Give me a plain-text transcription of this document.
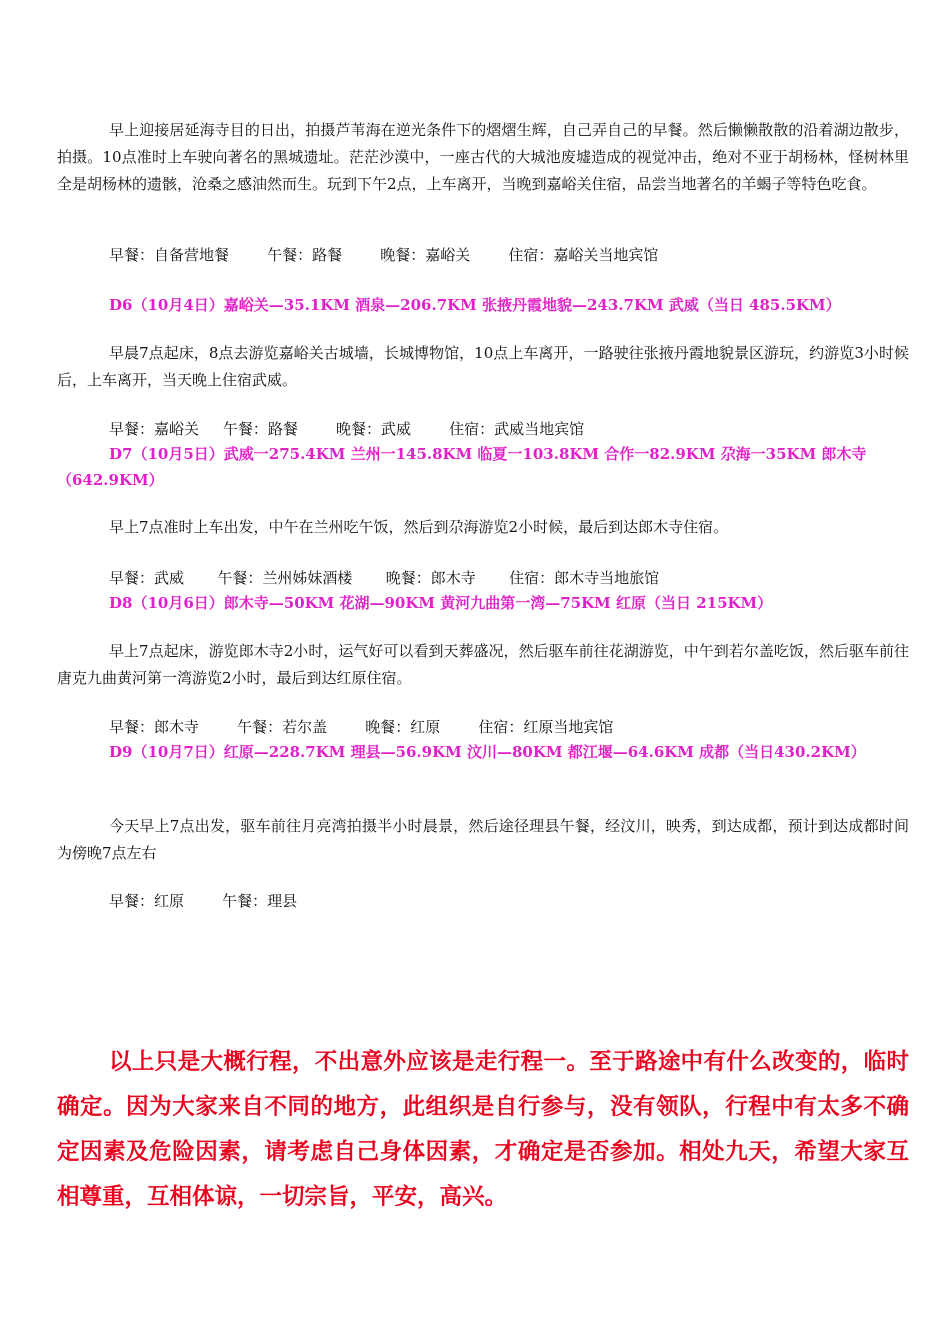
早上迎接居延海寺目的日出，拍摄芦苇海在逆光条件下的熠熠生辉，自己弄自己的早餐。然后懒懒散散的沿着湖边散步，拍摄。10点准时上车驶向著名的黑城遗址。茫茫沙漠中，一座古代的大城池废墟造成的视觉冲击，绝对不亚于胡杨林，怪树林里全是胡杨林的遗骸，沧桑之感油然而生。玩到下午2点，上车离开，当晚到嘉峪关住宿，品尝当地著名的羊蝎子等特色吃食。

早餐：自备营地餐        午餐：路餐        晚餐：嘉峪关        住宿：嘉峪关当地宾馆

D6（10月4日）嘉峪关—35.1KM 酒泉—206.7KM 张掖丹霞地貌—243.7KM 武威（当日 485.5KM）

早晨7点起床，8点去游览嘉峪关古城墙，长城博物馆，10点上车离开，一路驶往张掖丹霞地貌景区游玩，约游览3小时候后，上车离开，当天晚上住宿武威。

早餐：嘉峪关     午餐：路餐        晚餐：武威        住宿：武威当地宾馆

D7（10月5日）武威一275.4KM 兰州一145.8KM 临夏一103.8KM 合作一82.9KM 尕海一35KM 郎木寺（642.9KM）

早上7点准时上车出发，中午在兰州吃午饭，然后到尕海游览2小时候，最后到达郎木寺住宿。

早餐：武威       午餐：兰州姊妹酒楼       晚餐：郎木寺       住宿：郎木寺当地旅馆

D8（10月6日）郎木寺—50KM 花湖—90KM 黄河九曲第一湾—75KM 红原（当日 215KM）

早上7点起床，游览郎木寺2小时，运气好可以看到天葬盛况，然后驱车前往花湖游览，中午到若尔盖吃饭，然后驱车前往唐克九曲黄河第一湾游览2小时，最后到达红原住宿。

早餐：郎木寺        午餐：若尔盖        晚餐：红原        住宿：红原当地宾馆

D9（10月7日）红原—228.7KM 理县—56.9KM 汶川—80KM 都江堰—64.6KM 成都（当日430.2KM）

今天早上7点出发，驱车前往月亮湾拍摄半小时晨景，然后途径理县午餐，经汶川，映秀，到达成都，预计到达成都时间为傍晚7点左右

早餐：红原        午餐：理县

以上只是大概行程，不出意外应该是走行程一。至于路途中有什么改变的，临时确定。因为大家来自不同的地方，此组织是自行参与，没有领队，行程中有太多不确定因素及危险因素，请考虑自己身体因素，才确定是否参加。相处九天，希望大家互相尊重，互相体谅，一切宗旨，平安，高兴。
